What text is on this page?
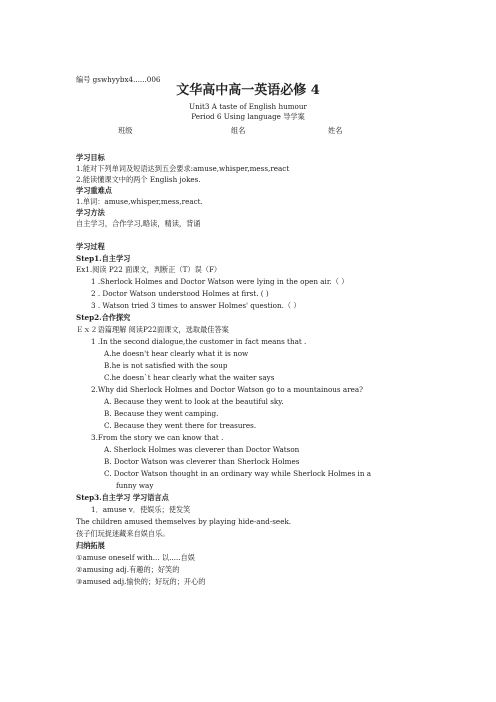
编号 gswhyybx4......006
文华高中高一英语必修 4
Unit3 A taste of English humour
Period 6 Using language 导学案
班级	组名	姓名
学习目标
1.能对下列单词及短语达到五会要求:amuse,whisper,mess,react
2.能读懂课文中的两个 English jokes.
学习重难点
1.单词：amuse,whisper,mess,react.
学习方法
自主学习，合作学习,略读，精读，背诵
学习过程
Step1.自主学习
Ex1.阅读 P22 面课文，判断正（T）误（F）
1 .Sherlock Holmes and Doctor Watson were lying in the open air.（ ）
2 . Doctor Watson understood Holmes at first. ( )
3 . Watson tried 3 times to answer Holmes' question.（ ）
Step2.合作探究
Ｅｘ２语篇理解 阅读P22面课文，选取最佳答案
1 .In the second dialogue,the customer in fact means that .
A.he doesn't hear clearly what it is now
B.he is not satisfied with the soup
C.he doesn`t hear clearly what the waiter says
2.Why did Sherlock Holmes and Doctor Watson go to a mountainous area?
A. Because they went to look at the beautiful sky.
B. Because they went camping.
C. Because they went there for treasures.
3.From the story we can know that .
A. Sherlock Holmes was cleverer than Doctor Watson
B. Doctor Watson was cleverer than Sherlock Holmes
C. Doctor Watson thought in an ordinary way while Sherlock Holmes in a
funny way
Step3.自主学习 学习语言点
1．amuse v．使娱乐；使发笑
The children amused themselves by playing hide-and-seek.
孩子们玩捉迷藏来自娱自乐。
归纳拓展
①amuse oneself with... 以.....自娱
②amusing adj.有趣的；好笑的
③amused adj.愉快的；好玩的；开心的
